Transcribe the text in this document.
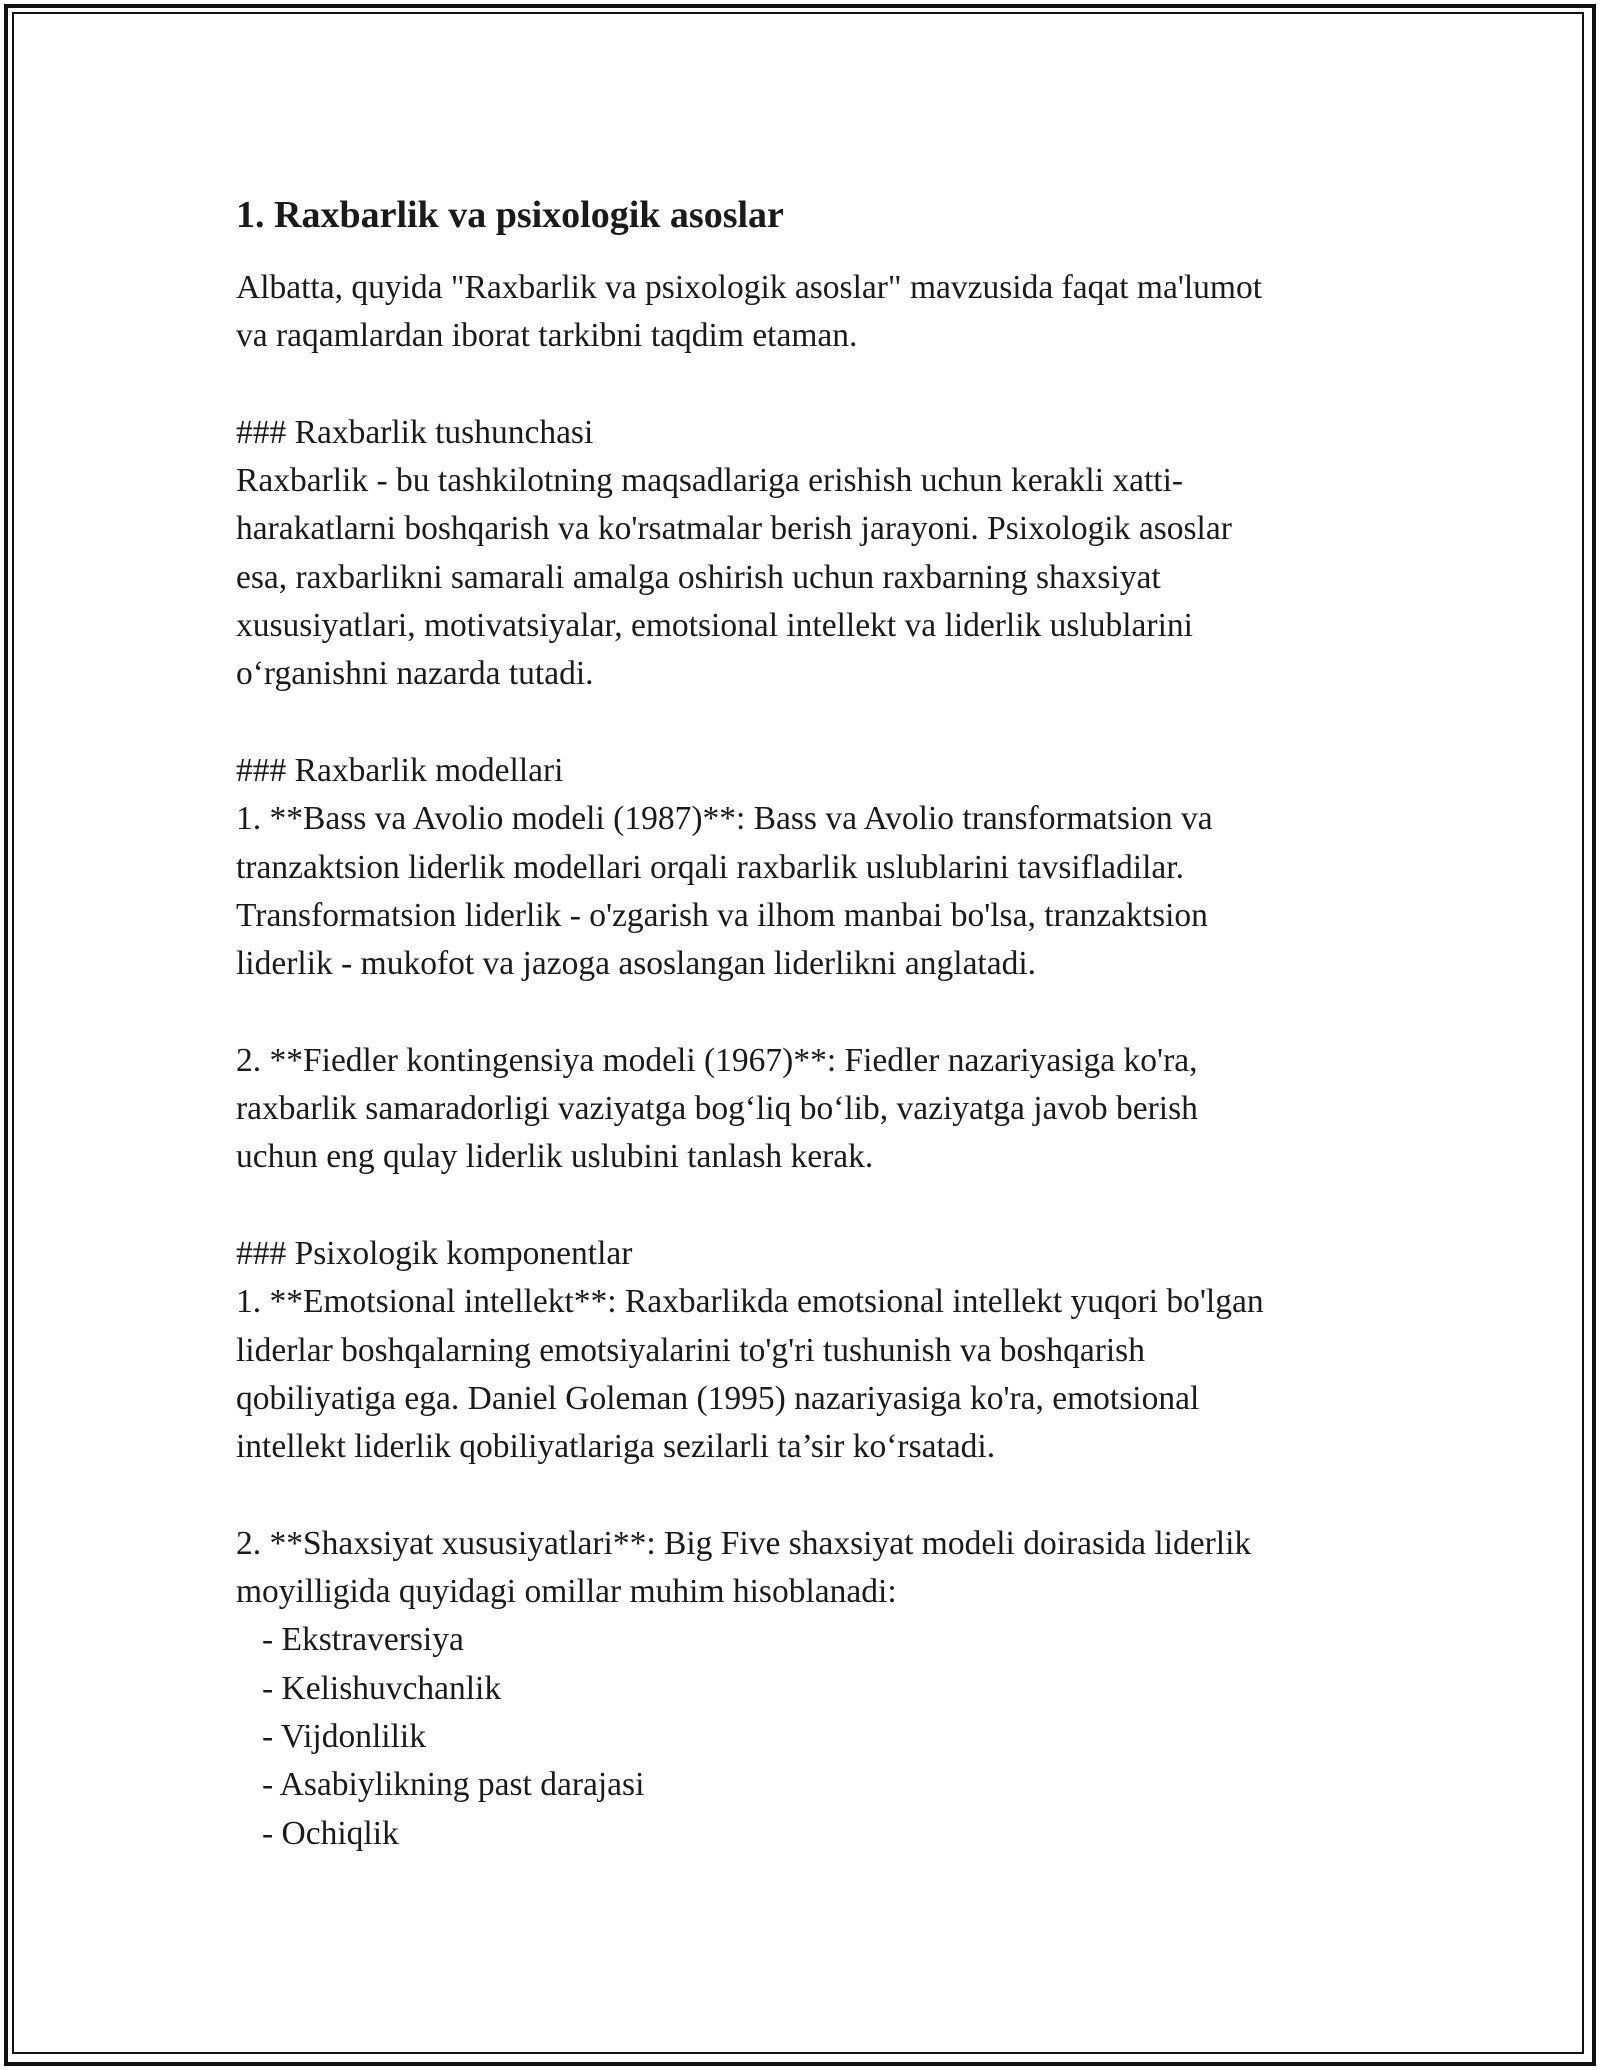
1. Raxbarlik va psixologik asoslar

Albatta, quyida "Raxbarlik va psixologik asoslar" mavzusida faqat ma'lumot
va raqamlardan iborat tarkibni taqdim etaman.

### Raxbarlik tushunchasi

Raxbarlik - bu tashkilotning maqsadlariga erishish uchun kerakli xatti-
harakatlarni boshqarish va ko'rsatmalar berish jarayoni. Psixologik asoslar
esa, raxbarlikni samarali amalga oshirish uchun raxbarning shaxsiyat
xususiyatlari, motivatsiyalar, emotsional intellekt va liderlik uslublarini
o‘rganishni nazarda tutadi.

### Raxbarlik modellari

1. **Bass va Avolio modeli (1987)**: Bass va Avolio transformatsion va
tranzaktsion liderlik modellari orqali raxbarlik uslublarini tavsifladilar.
Transformatsion liderlik - o'zgarish va ilhom manbai bo'lsa, tranzaktsion
liderlik - mukofot va jazoga asoslangan liderlikni anglatadi.

2. **Fiedler kontingensiya modeli (1967)**: Fiedler nazariyasiga ko'ra,
raxbarlik samaradorligi vaziyatga bog‘liq bo‘lib, vaziyatga javob berish
uchun eng qulay liderlik uslubini tanlash kerak.

### Psixologik komponentlar

1. **Emotsional intellekt**: Raxbarlikda emotsional intellekt yuqori bo'lgan
liderlar boshqalarning emotsiyalarini to'g'ri tushunish va boshqarish
qobiliyatiga ega. Daniel Goleman (1995) nazariyasiga ko'ra, emotsional
intellekt liderlik qobiliyatlariga sezilarli ta’sir ko‘rsatadi.

2. **Shaxsiyat xususiyatlari**: Big Five shaxsiyat modeli doirasida liderlik
moyilligida quyidagi omillar muhim hisoblanadi:

- Ekstraversiya
- Kelishuvchanlik
- Vijdonlilik
- Asabiylikning past darajasi
- Ochiqlik
